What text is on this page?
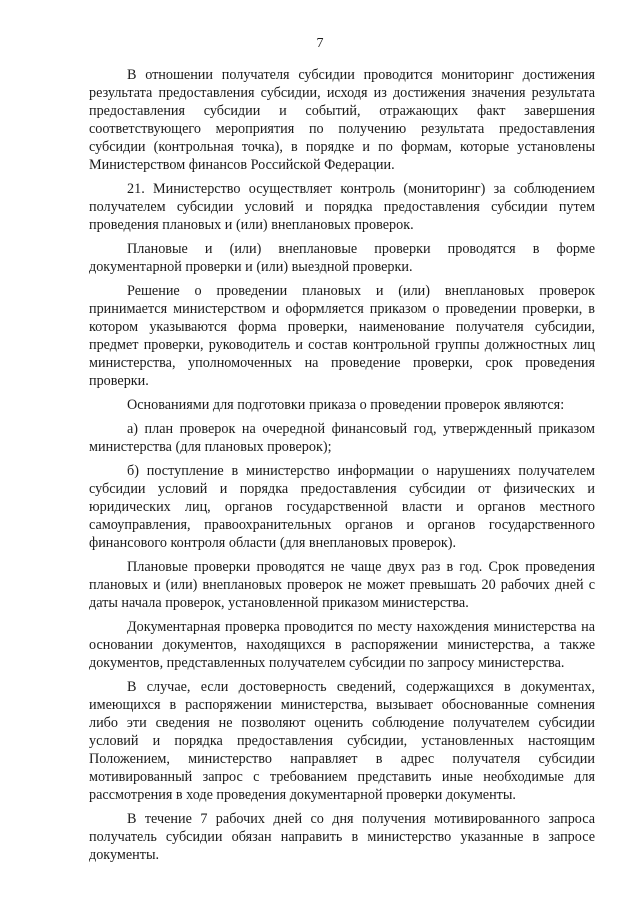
7

В отношении получателя субсидии проводится мониторинг достижения результата предоставления субсидии, исходя из достижения значения результата предоставления субсидии и событий, отражающих факт завершения соответствующего мероприятия по получению результата предоставления субсидии (контрольная точка), в порядке и по формам, которые установлены Министерством финансов Российской Федерации.

21. Министерство осуществляет контроль (мониторинг) за соблюдением получателем субсидии условий и порядка предоставления субсидии путем проведения плановых и (или) внеплановых проверок.

Плановые и (или) внеплановые проверки проводятся в форме документарной проверки и (или) выездной проверки.

Решение о проведении плановых и (или) внеплановых проверок принимается министерством и оформляется приказом о проведении проверки, в котором указываются форма проверки, наименование получателя субсидии, предмет проверки, руководитель и состав контрольной группы должностных лиц министерства, уполномоченных на проведение проверки, срок проведения проверки.

Основаниями для подготовки приказа о проведении проверок являются:

а) план проверок на очередной финансовый год, утвержденный приказом министерства (для плановых проверок);

б) поступление в министерство информации о нарушениях получателем субсидии условий и порядка предоставления субсидии от физических и юридических лиц, органов государственной власти и органов местного самоуправления, правоохранительных органов и органов государственного финансового контроля области (для внеплановых проверок).

Плановые проверки проводятся не чаще двух раз в год. Срок проведения плановых и (или) внеплановых проверок не может превышать 20 рабочих дней с даты начала проверок, установленной приказом министерства.

Документарная проверка проводится по месту нахождения министерства на основании документов, находящихся в распоряжении министерства, а также документов, представленных получателем субсидии по запросу министерства.

В случае, если достоверность сведений, содержащихся в документах, имеющихся в распоряжении министерства, вызывает обоснованные сомнения либо эти сведения не позволяют оценить соблюдение получателем субсидии условий и порядка предоставления субсидии, установленных настоящим Положением, министерство направляет в адрес получателя субсидии мотивированный запрос с требованием представить иные необходимые для рассмотрения в ходе проведения документарной проверки документы.

В течение 7 рабочих дней со дня получения мотивированного запроса получатель субсидии обязан направить в министерство указанные в запросе документы.
